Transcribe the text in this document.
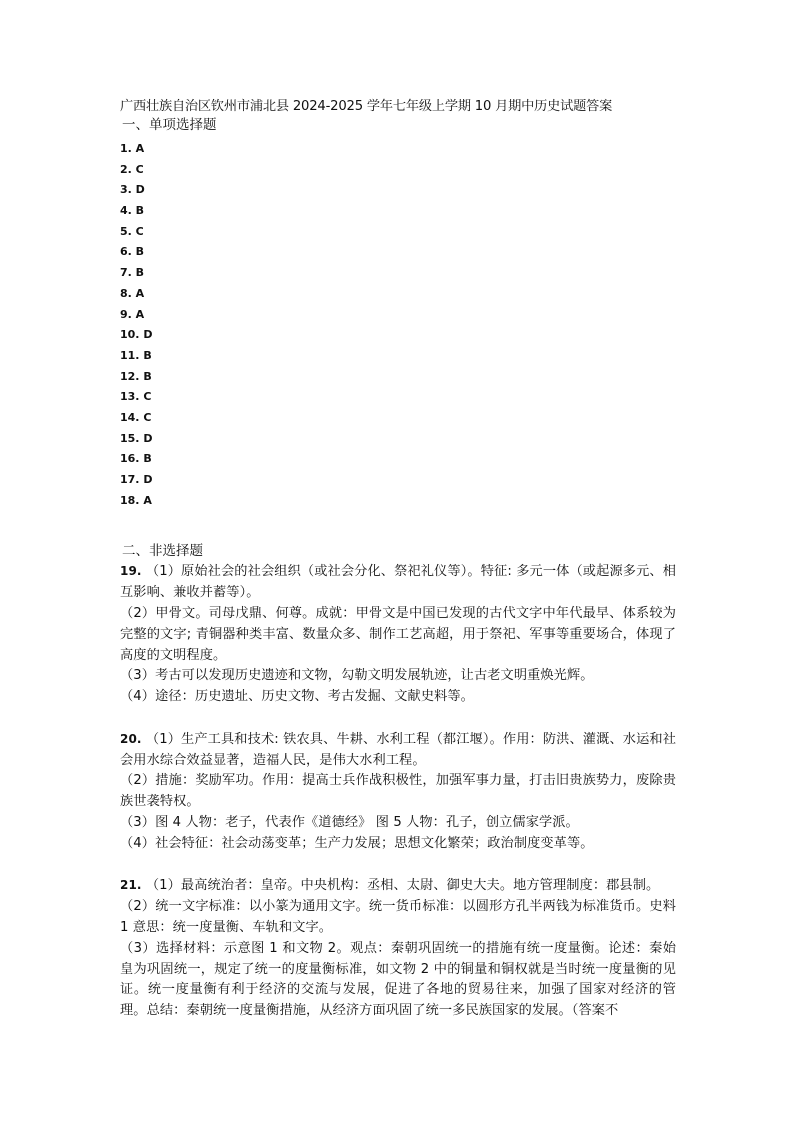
广西壮族自治区钦州市浦北县 2024-2025 学年七年级上学期 10 月期中历史试题答案

一、单项选择题

1. A
2. C
3. D
4. B
5. C
6. B
7. B
8. A
9. A
10. D
11. B
12. B
13. C
14. C
15. D
16. B
17. D
18. A

二、非选择题

19. （1）原始社会的社会组织（或社会分化、祭祀礼仪等）。特征: 多元一体（或起源多元、相互影响、兼收并蓄等）。

（2）甲骨文。司母戊鼎、何尊。成就：甲骨文是中国已发现的古代文字中年代最早、体系较为完整的文字; 青铜器种类丰富、数量众多、制作工艺高超，用于祭祀、军事等重要场合，体现了高度的文明程度。

（3）考古可以发现历史遗迹和文物，勾勒文明发展轨迹，让古老文明重焕光辉。

（4）途径：历史遗址、历史文物、考古发掘、文献史料等。

20. （1）生产工具和技术: 铁农具、牛耕、水利工程（都江堰）。作用：防洪、灌溉、水运和社会用水综合效益显著，造福人民，是伟大水利工程。

（2）措施：奖励军功。作用：提高士兵作战积极性，加强军事力量，打击旧贵族势力，废除贵族世袭特权。

（3）图 4 人物：老子，代表作《道德经》 图 5 人物：孔子，创立儒家学派。

（4）社会特征：社会动荡变革；生产力发展；思想文化繁荣；政治制度变革等。

21. （1）最高统治者：皇帝。中央机构：丞相、太尉、御史大夫。地方管理制度：郡县制。

（2）统一文字标准：以小篆为通用文字。统一货币标准：以圆形方孔半两钱为标准货币。史料 1 意思：统一度量衡、车轨和文字。

（3）选择材料：示意图 1 和文物 2。观点：秦朝巩固统一的措施有统一度量衡。论述：秦始皇为巩固统一，规定了统一的度量衡标准，如文物 2 中的铜量和铜权就是当时统一度量衡的见证。统一度量衡有利于经济的交流与发展，促进了各地的贸易往来，加强了国家对经济的管理。总结：秦朝统一度量衡措施，从经济方面巩固了统一多民族国家的发展。（答案不
